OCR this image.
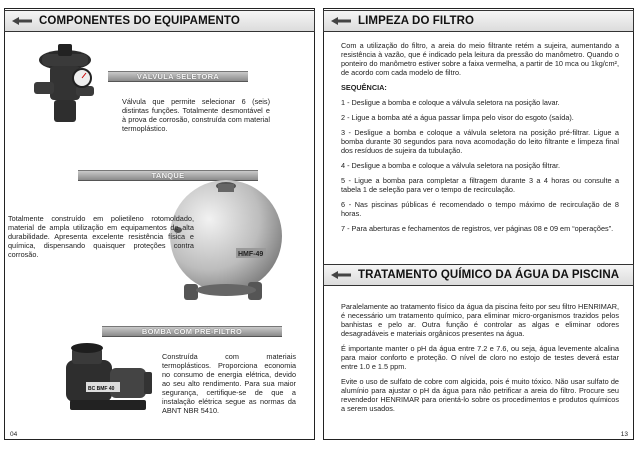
COMPONENTES DO EQUIPAMENTO
VÁLVULA SELETORA
Válvula que permite selecionar 6 (seis) distintas funções. Totalmente desmontável e à prova de corrosão, construída com material termoplástico.
TANQUE
HMF-49
Totalmente construído em polietileno rotomoldado, material de ampla utilização em equipamentos de alta durabilidade. Apresenta excelente resistência física e química, dispensando quaisquer proteções contra corrosão.
BOMBA COM PRÉ-FILTRO
BC BMF 40
Construída com materiais termoplásticos. Proporciona economia no consumo de energia elétrica, devido ao seu alto rendimento. Para sua maior segurança, certifique-se de que a instalação elétrica segue as normas da ABNT NBR 5410.
04
LIMPEZA DO FILTRO
Com a utilização do filtro, a areia do meio filtrante retém a sujeira, aumentando a resistência à vazão, que é indicado pela leitura da pressão do manômetro. Quando o ponteiro do manômetro estiver sobre a faixa vermelha, a partir de 10 mca ou 1kg/cm², de acordo com cada modelo de filtro.
SEQUÊNCIA:

1 - Desligue a bomba e coloque a válvula seletora na posição lavar.

2 - Ligue a bomba até a água passar limpa pelo visor do esgoto (saída).

3 - Desligue a bomba e coloque a válvula seletora na posição pré-filtrar. Ligue a bomba durante 30 segundos para nova acomodação do leito filtrante e limpeza final dos resíduos de sujeira da tubulação.

4 - Desligue a bomba e coloque a válvula seletora na posição filtrar.

5 - Ligue a bomba para completar a filtragem durante 3 a 4 horas ou consulte a tabela 1 de seleção para ver o tempo de recirculação.

6 - Nas piscinas públicas é recomendado o tempo máximo de recirculação de 8 horas.

7 - Para aberturas e fechamentos de registros, ver páginas 08 e 09 em “operações”.

TRATAMENTO QUÍMICO DA ÁGUA DA PISCINA

Paralelamente ao tratamento físico da água da piscina feito por seu filtro HENRIMAR, é necessário um tratamento químico, para eliminar micro-organismos trazidos pelos banhistas e pelo ar. Outra função é controlar as algas e eliminar odores desagradáveis e materiais orgânicos presentes na água.

É importante manter o pH da água entre 7.2 e 7.6, ou seja, água levemente alcalina para maior conforto e proteção. O nível de cloro no estojo de testes deverá estar entre 1.0 e 1.5 ppm.

Evite o uso de sulfato de cobre com algicida, pois é muito tóxico. Não usar sulfato de alumínio para ajustar o pH da água para não petrificar a areia do filtro. Procure seu revendedor HENRIMAR para orientá-lo sobre os procedimentos e produtos químicos a serem usados.

13
